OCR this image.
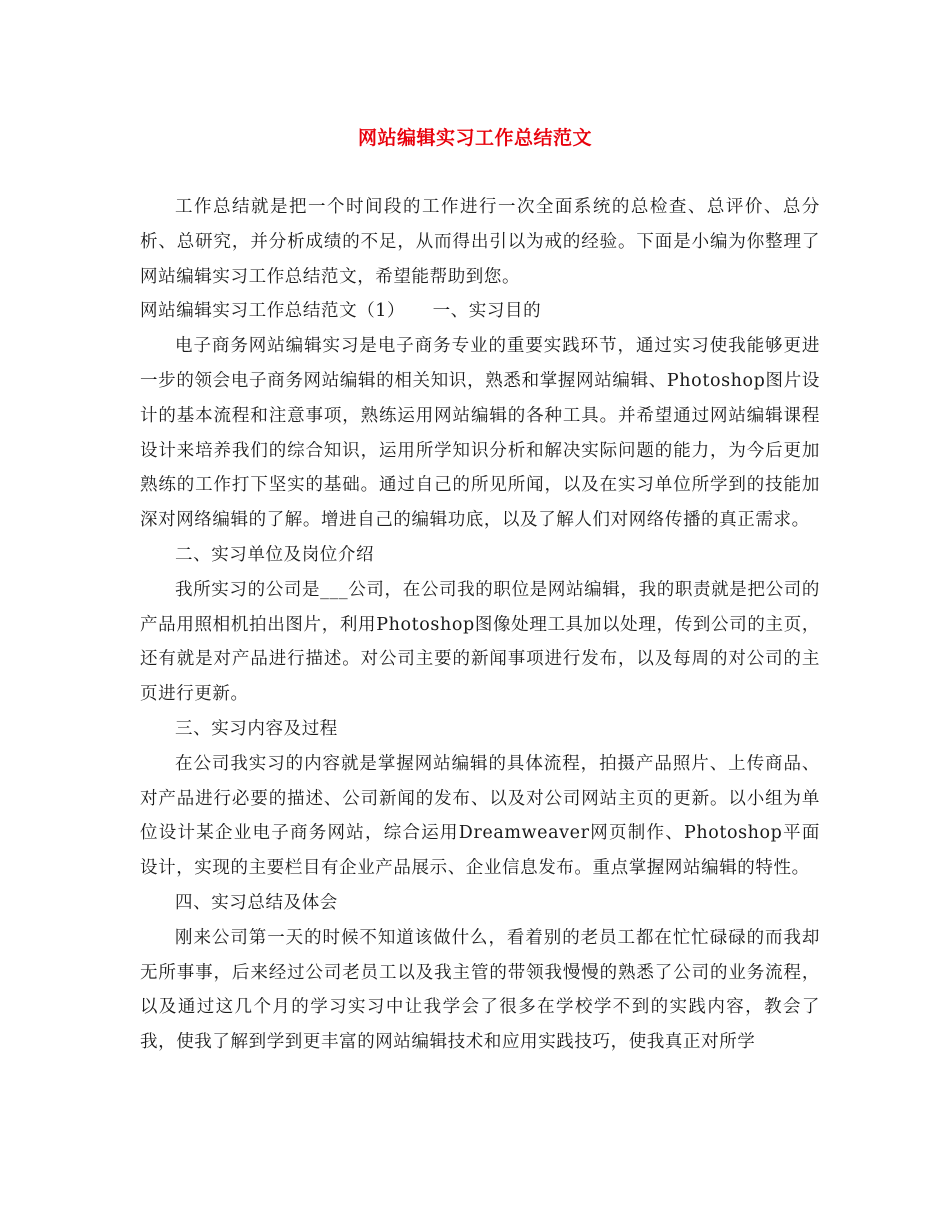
网站编辑实习工作总结范文

工作总结就是把一个时间段的工作进行一次全面系统的总检查、总评价、总分析、总研究，并分析成绩的不足，从而得出引以为戒的经验。下面是小编为你整理了网站编辑实习工作总结范文，希望能帮助到您。

网站编辑实习工作总结范文（1）　　一、实习目的

电子商务网站编辑实习是电子商务专业的重要实践环节，通过实习使我能够更进一步的领会电子商务网站编辑的相关知识，熟悉和掌握网站编辑、Photoshop图片设计的基本流程和注意事项，熟练运用网站编辑的各种工具。并希望通过网站编辑课程设计来培养我们的综合知识，运用所学知识分析和解决实际问题的能力，为今后更加熟练的工作打下坚实的基础。通过自己的所见所闻，以及在实习单位所学到的技能加深对网络编辑的了解。增进自己的编辑功底，以及了解人们对网络传播的真正需求。

二、实习单位及岗位介绍

我所实习的公司是___公司，在公司我的职位是网站编辑，我的职责就是把公司的产品用照相机拍出图片，利用Photoshop图像处理工具加以处理，传到公司的主页，还有就是对产品进行描述。对公司主要的新闻事项进行发布，以及每周的对公司的主页进行更新。

三、实习内容及过程

在公司我实习的内容就是掌握网站编辑的具体流程，拍摄产品照片、上传商品、对产品进行必要的描述、公司新闻的发布、以及对公司网站主页的更新。以小组为单位设计某企业电子商务网站，综合运用Dreamweaver网页制作、Photoshop平面设计，实现的主要栏目有企业产品展示、企业信息发布。重点掌握网站编辑的特性。

四、实习总结及体会

刚来公司第一天的时候不知道该做什么，看着别的老员工都在忙忙碌碌的而我却无所事事，后来经过公司老员工以及我主管的带领我慢慢的熟悉了公司的业务流程，以及通过这几个月的学习实习中让我学会了很多在学校学不到的实践内容，教会了我，使我了解到学到更丰富的网站编辑技术和应用实践技巧，使我真正对所学
